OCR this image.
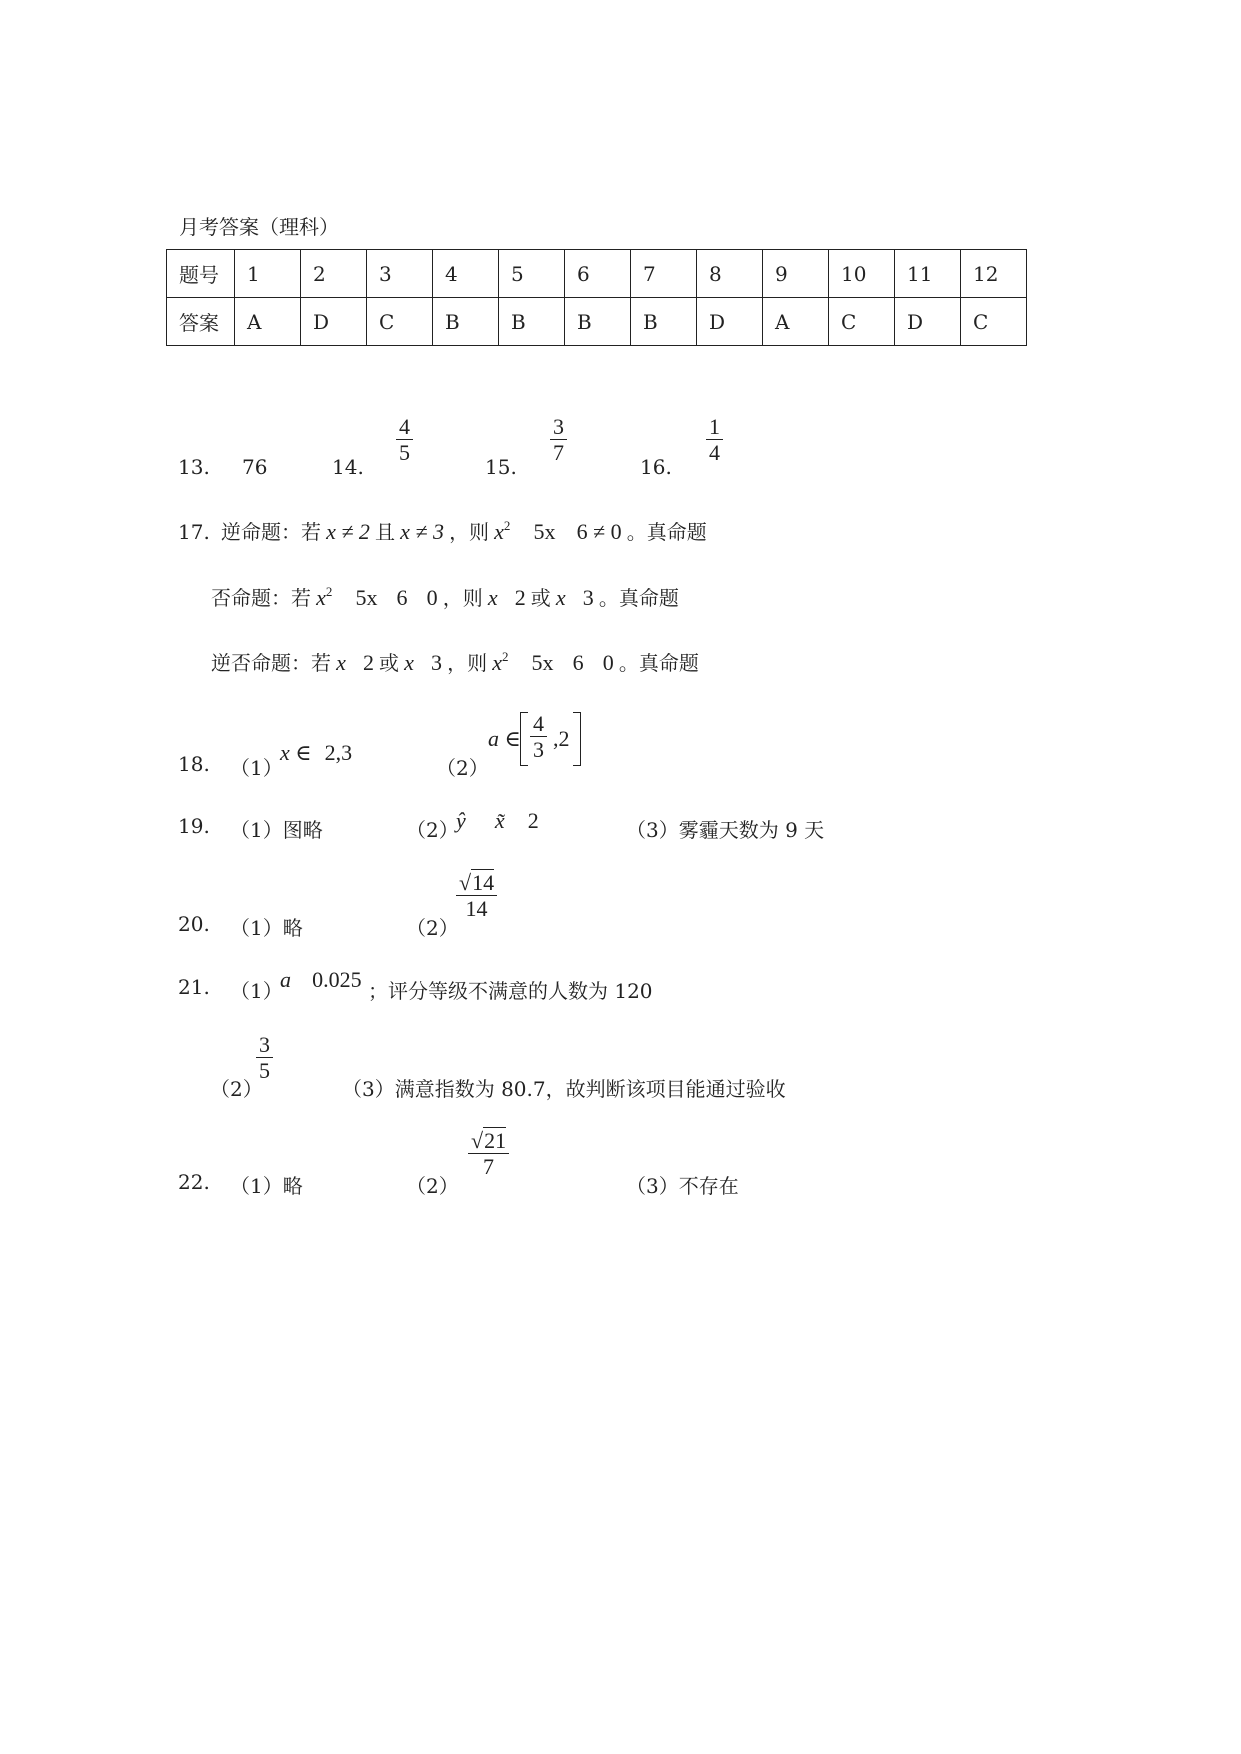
月考答案（理科）
题号	1	2	3	4	5	6	7	8	9	10	11	12
答案	A	D	C	B	B	B	B	D	A	C	D	C
13. 76	14.
4
5
15.
3
7
16.
1
4
17. 逆命题：若 x ≠ 2 且 x ≠ 3 ，则 $x^2$ 5x 6 ≠ 0 。真命题
否命题：若 $x^2$ 5x 6 0 ，则 x 2 或 x 3 。真命题
逆否命题：若 x 2 或 x 3 ，则 $x^2$ 5x 6 0 。真命题
18. （1）
x ∈ 2,3
（2）
a ∈
4
3 ,2
19. （1）图略	（2）
ŷ x̃ 2	（3）雾霾天数为 9 天
20. （1）略	（2）
√14
14
21. （1）
a 0.025 ；评分等级不满意的人数为 120
（2）
3
5
（3）满意指数为 80.7，故判断该项目能通过验收
22. （1）略	（2）
√21
7
（3）不存在
